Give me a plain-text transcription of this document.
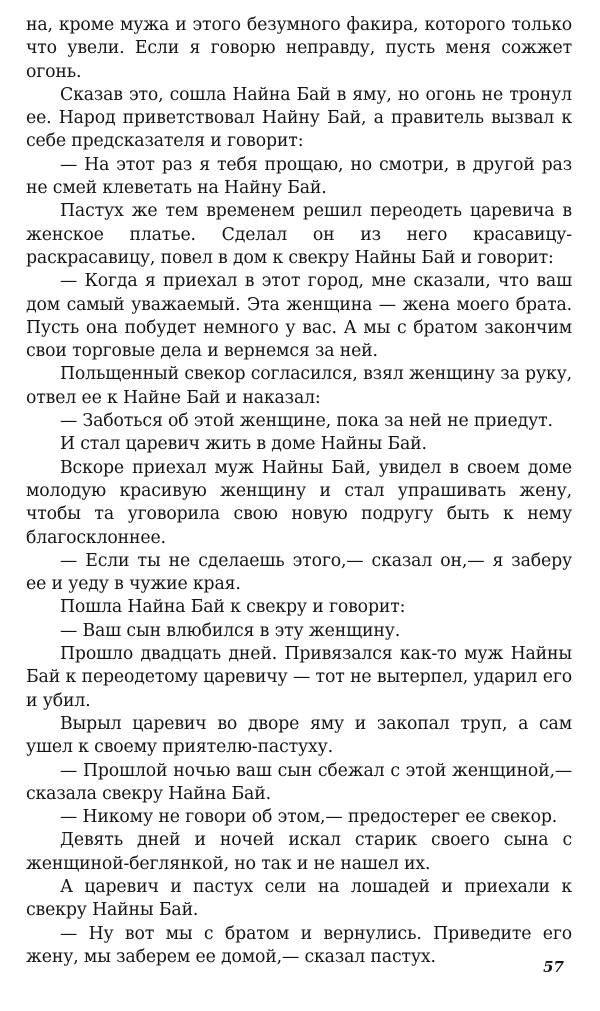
на, кроме мужа и этого безумного факира, которого только что увели. Если я говорю неправду, пусть меня сожжет огонь.

Сказав это, сошла Найна Бай в яму, но огонь не тронул ее. Народ приветствовал Найну Бай, а правитель вызвал к себе предсказателя и говорит:

— На этот раз я тебя прощаю, но смотри, в другой раз не смей клеветать на Найну Бай.

Пастух же тем временем решил переодеть царевича в женское платье. Сделал он из него красавицу-раскрасавицу, повел в дом к свекру Найны Бай и говорит:

— Когда я приехал в этот город, мне сказали, что ваш дом самый уважаемый. Эта женщина — жена моего брата. Пусть она побудет немного у вас. А мы с братом закончим свои торговые дела и вернемся за ней.

Польщенный свекор согласился, взял женщину за руку, отвел ее к Найне Бай и наказал:

— Заботься об этой женщине, пока за ней не приедут.

И стал царевич жить в доме Найны Бай.

Вскоре приехал муж Найны Бай, увидел в своем доме молодую красивую женщину и стал упрашивать жену, чтобы та уговорила свою новую подругу быть к нему благосклоннее.

— Если ты не сделаешь этого,— сказал он,— я заберу ее и уеду в чужие края.

Пошла Найна Бай к свекру и говорит:

— Ваш сын влюбился в эту женщину.

Прошло двадцать дней. Привязался как-то муж Найны Бай к переодетому царевичу — тот не вытерпел, ударил его и убил.

Вырыл царевич во дворе яму и закопал труп, а сам ушел к своему приятелю-пастуху.

— Прошлой ночью ваш сын сбежал с этой женщиной,— сказала свекру Найна Бай.

— Никому не говори об этом,— предостерег ее свекор.

Девять дней и ночей искал старик своего сына с женщиной-беглянкой, но так и не нашел их.

А царевич и пастух сели на лошадей и приехали к свекру Найны Бай.

— Ну вот мы с братом и вернулись. Приведите его жену, мы заберем ее домой,— сказал пастух.

57
